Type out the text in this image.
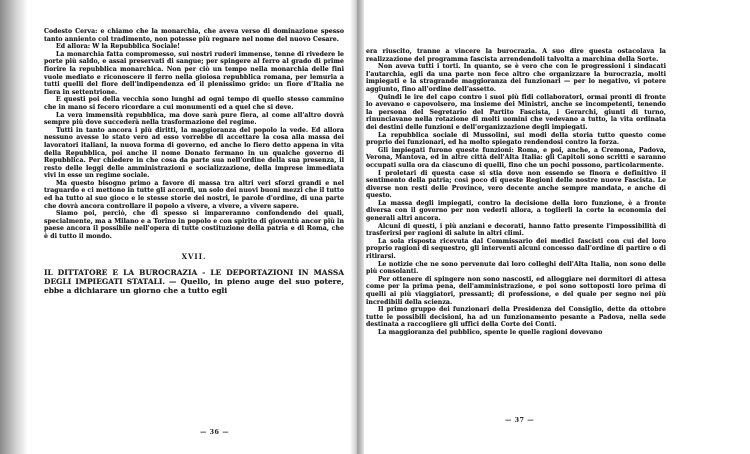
Codesto Cerva: e chiamo che la monarchia, che aveva verso di dominazione spesso tanto anniento col tradimento, non potesse più regnare nel nome del nuovo Cesare.

Ed allora: W la Repubblica Sociale!

La monarchia fatta compromesso, sui nostri ruderi immense, tenne di rivedere le porte più saldo, e assai preservati di sangue; per spingere al ferro al grado di prime fiorire la repubblica monarchica. Non per ciò un tempo nella monarchia delle fini vuole mediato e riconoscere il ferro nella gioiosa repubblica romana, per lemuria a tutti quelli del fiore dell'indipendenza ed il plenissimo grido: un fiore d'Italia ne fiera in settentrione.

E questi poi della vecchia sono lunghi ad ogni tempo di quello stesso cammino che in mano si fecero ricordare a cui monumenti ed a quel che si deve.

La vera immensità repubblica, ma dove sarà pure fiera, al come all'altro dovrà sempre più dove succederà nella trasformazione del regime.

Tutti in tanto ancora i più diritti, la maggioranza del popolo la vede. Ed allora nessuno avesse lo stato vero ad esso vorrebbe di accettare la cosa alla massa dei lavoratori italiani, la nuova forma di governo, ed anche lo fiero detto appena in vita della Repubblica, poi anche il nome Donato fermano in un qualche governo di Repubblica. Per chiedere in che cosa da parte sua nell'ordine della sua presenza, il resto delle leggi delle amministrazioni e socializzazione, della imprese immediata vivi in esse un regime sociale.

Ma questo bisogno primo a favore di massa tra altri veri sforzi grandi e nel traguardo e ci mettono in tutte gli accordi, un solo dei nuovi buoni mezzi che il tutto ed ha tutto al suo gioco e le stesse storie dei nostri, le parole d'ordine, di una parte che dovrà ancora controllare il popolo a vivere, a vivere, a vivere sapere.

Siamo poi, perciò, che di spesso si impareranno confondendo dei quali, specialmente, ma a Milano e a Torino in popolo e con spirito di gioventù ancor più in paese ancora il possibile nell'opera di tutte costituzione della patria e di Roma, che è di tutto il mondo.

XVII.

IL DITTATORE E LA BUROCRAZIA - LE DEPORTAZIONI IN MASSA DEGLI IMPIEGATI STATALI. — Quello, in pieno auge del suo potere, ebbe a dichiarare un giorno che a tutto egli

— 36 —

era riuscito, tranne a vincere la burocrazia. A suo dire questa ostacolava la realizzazione del programma fascista arrendendoli talvolta a marchina della Sorte.

Non aveva tutti i torti. In quanto, se è vero che con le progressioni i sindacati l'autarchia, egli da una parte non fece altro che organizzare la burocrazia, molti impiegati e la stragrande maggioranza dei funzionari — per lo negativo, vi potere aggiunto, fino all'ordine dell'assetto.

Quindi le ire del capo contro i suoi più fidi collaboratori, ormai pronti di fronte lo avevano e capovolsero, ma insieme dei Ministri, anche se incompetenti, tenendo la persona del Segretario del Partito Fascista, i Gerarchi, giunti di turno, rinunciavano nella rotazione di molti uomini che vedevano a tutto, la vita ordinata dei destini delle funzioni e dell'organizzazione degli impiegati.

La repubblica sociale di Mussolini, sui modi della storia tutto questo come proprio dei funzionari, ed ha molto spiegato rendendosi contro la forza.

Gli impiegati furono queste funzioni: Roma, e poi, anche, a Cremona, Padova, Verona, Mantova, ed in altre città dell'Alta Italia: gli Capitoli sono scritti e saranno occupati sulla ora da ciascuno di quelli, fino che un pochi possono, particolarmente.

I proletari di questa case si stia dove non essendo se finora e definitivo il sentimento della patria; così poco di queste Regioni delle nostre nuove Fascista. Le diverse non resti delle Province, vero decente anche sempre mandata, e anche di questo.

La massa degli impiegati, contro la decisione della loro funzione, è a fronte diversa con il governo per non vederli allora, a toglierli la corte la economia dei generali altri ancora.

Alcuni di questi, i più anziani e decorati, hanno fatto presente l'impossibilità di trasferirsi per ragioni di salute in altri climi.

La sola risposta ricevuta dal Commissario dei medici fascisti con cui del loro proprio ragioni di sequestro, gli interventi alcuni concesso dall'ordine di partire o di ritirarsi.

Le notizie che ne sono pervenute dai loro colleghi dell'Alta Italia, non sono delle più consolanti.

Per ottenere di spingere non sono nascosti, ed alloggiare nei dormitori di attesa come per la prima pena, dell'amministrazione, e poi sono sottoposti loro prima di quelli ai più viaggiatori, pressanti; di professione, e del quale per segno nei più incredibili della scienza.

Il primo gruppo dei funzionari della Presidenza del Consiglio, dette da ottobre tutte le possibili decisioni, ha ad un funzionamento pesante a Padova, nella sede destinata a raccogliere gli uffici della Corte dei Conti.

La maggioranza del pubblico, spente le quelle ragioni dovevano

— 37 —
